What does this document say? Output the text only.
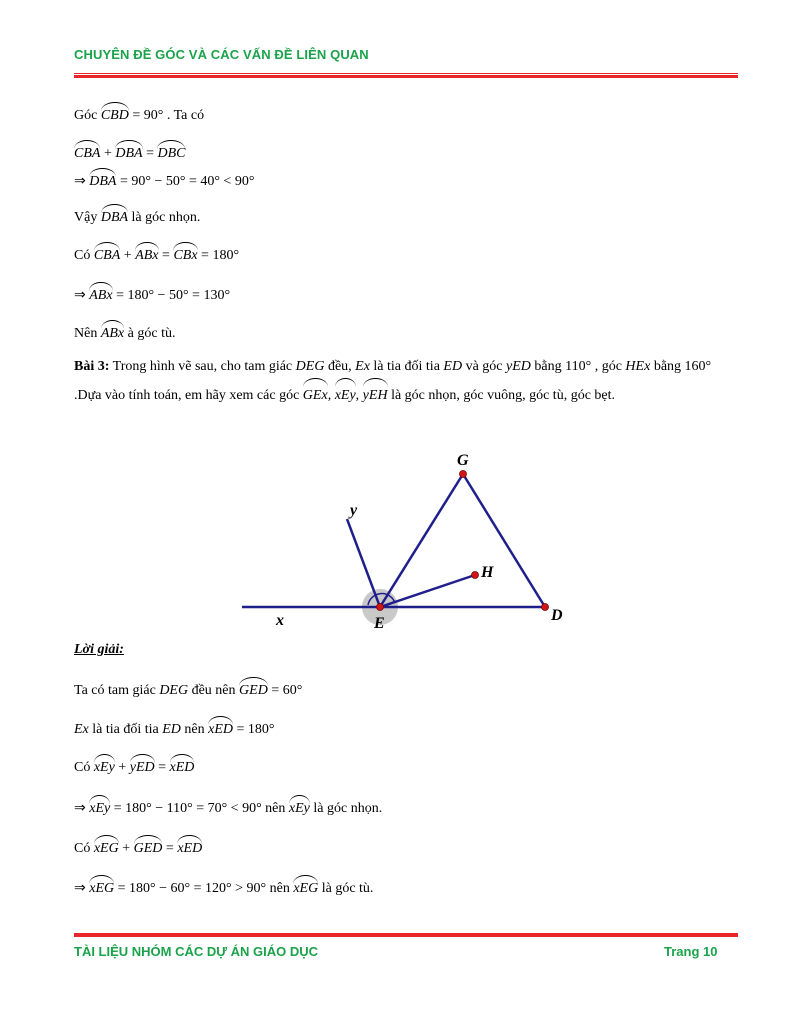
CHUYÊN ĐỀ GÓC VÀ CÁC VẤN ĐỀ LIÊN QUAN
Góc CBD = 90° . Ta có
CBA + DBA = DBC
⇒ DBA = 90° − 50° = 40° < 90°
Vậy DBA là góc nhọn.
Có CBA + ABx = CBx = 180°
⇒ ABx = 180° − 50° = 130°
Nên ABx à góc tù.
Bài 3: Trong hình vẽ sau, cho tam giác DEG đều, Ex là tia đối tia ED và góc yED bằng 110° , góc HEx bằng 160° .Dựa vào tính toán, em hãy xem các góc GEx, xEy, yEH là góc nhọn, góc vuông, góc tù, góc bẹt.
G
y
H
x	E	D
Lời giải:
Ta có tam giác DEG đều nên GED = 60°
Ex là tia đối tia ED nên xED = 180°
Có xEy + yED = xED
⇒ xEy = 180° − 110° = 70° < 90° nên xEy là góc nhọn.
Có xEG + GED = xED
⇒ xEG = 180° − 60° = 120° > 90° nên xEG là góc tù.
TÀI LIỆU NHÓM CÁC DỰ ÁN GIÁO DỤC	Trang 10
